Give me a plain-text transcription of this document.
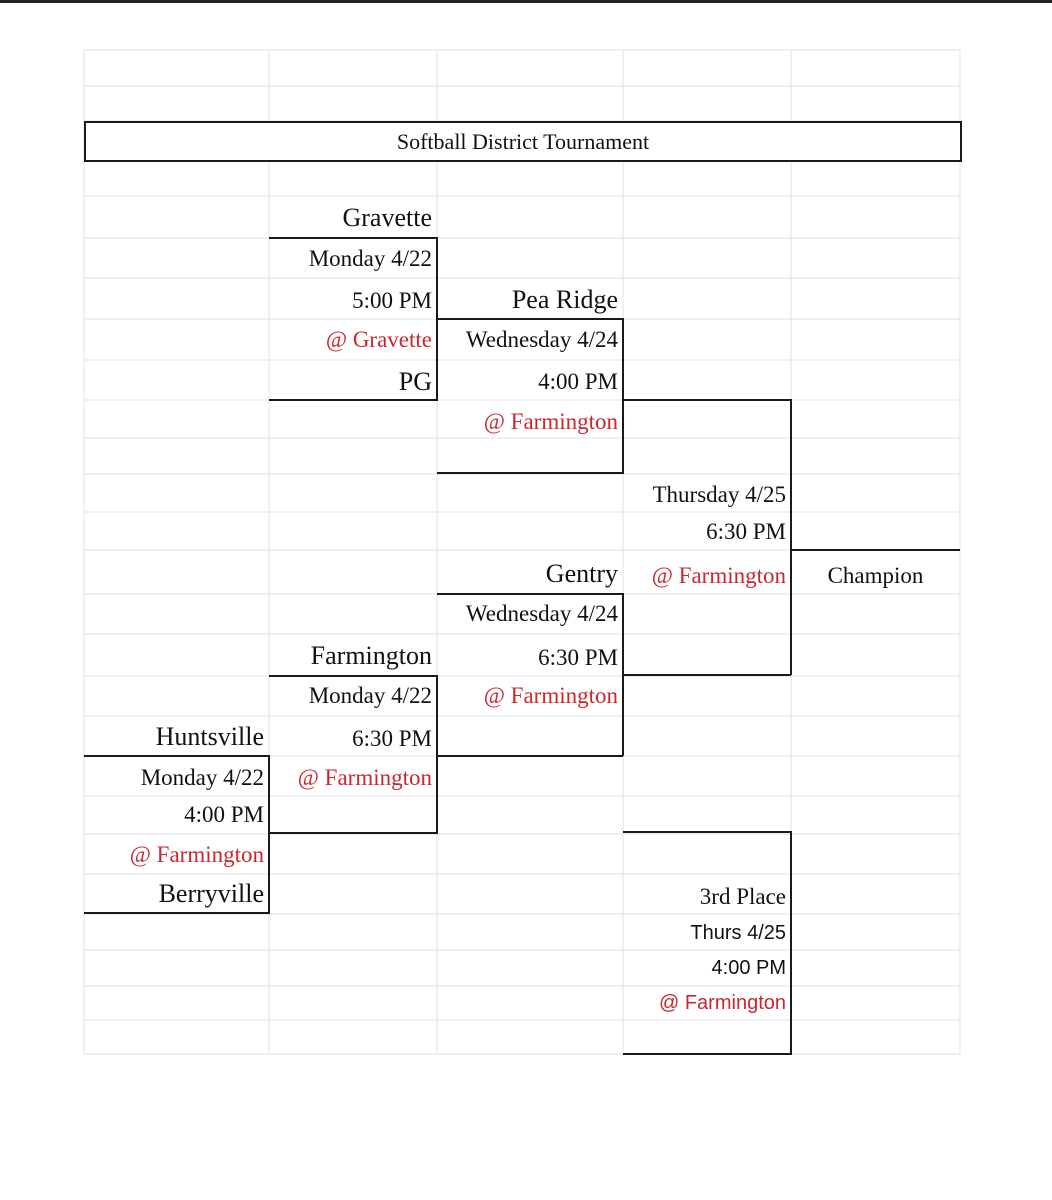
Softball District Tournament
Gravette
Monday 4/22
5:00 PM
@ Gravette
PG
Pea Ridge
Wednesday 4/24
4:00 PM
@ Farmington
Thursday 4/25
6:30 PM
@ Farmington	Champion
Gentry
Wednesday 4/24
6:30 PM
@ Farmington
Farmington
Monday 4/22
6:30 PM
@ Farmington
Huntsville
Monday 4/22
4:00 PM
@ Farmington
Berryville	3rd Place
Thurs 4/25
4:00 PM
@ Farmington
